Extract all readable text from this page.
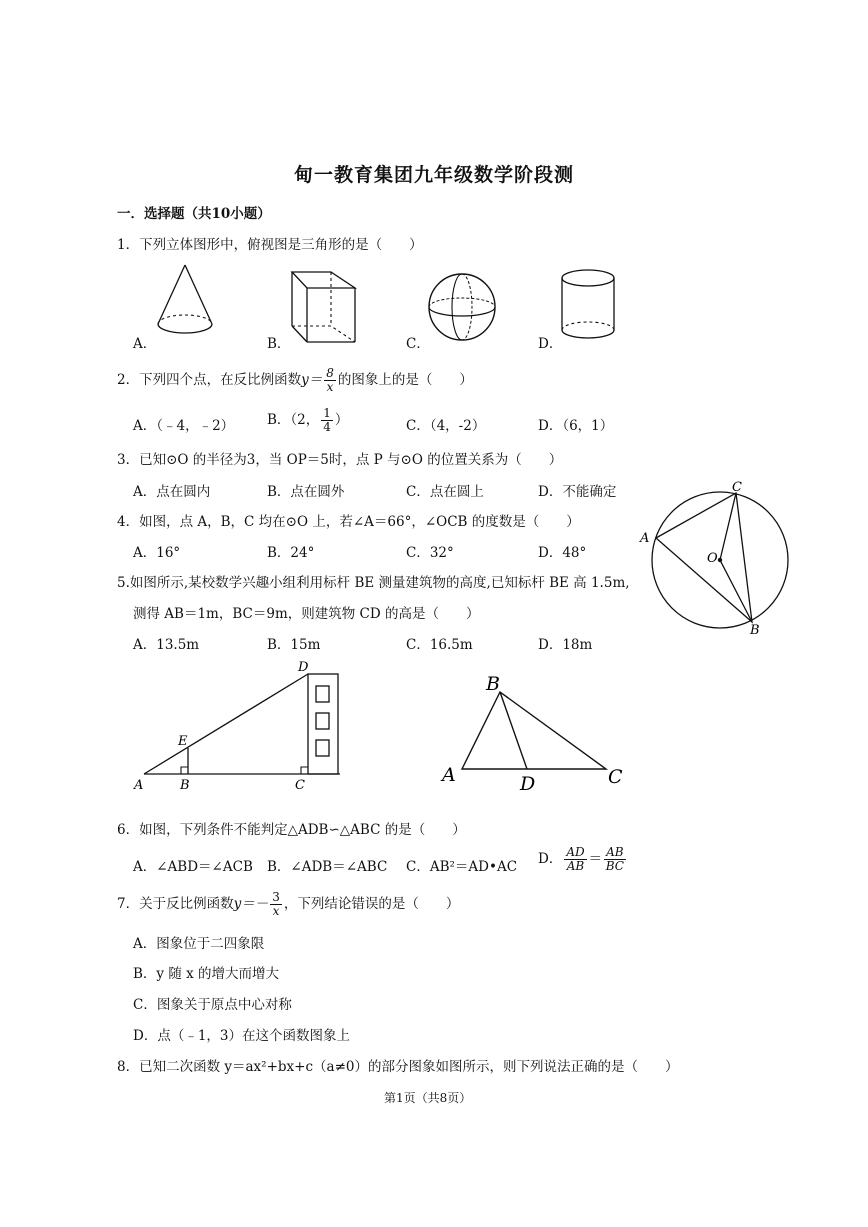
甸一教育集团九年级数学阶段测
一．选择题（共10小题）
1．下列立体图形中，俯视图是三角形的是（　　）
A．	B．	C．	D．
2．下列四个点，在反比例函数$y= \frac{8}{x}$ 的图象上的是（　　）
A．（﹣4，﹣2） B．（2， $\frac{1}{4}$ ）	C．（4，-2）	D．（6，1）
3．已知⊙O 的半径为3，当 OP＝5时，点 P 与⊙O 的位置关系为（　　）
A．点在圆内	B．点在圆外	C．点在圆上	D．不能确定
4．如图，点 A，B，C 均在⊙O 上，若∠A＝66°，∠OCB 的度数是（　　）
A．16°	B．24°	C．32°	D．48°
C
A
O
B
5.如图所示,某校数学兴趣小组利用标杆 BE 测量建筑物的高度,已知标杆 BE 高 1.5m,
测得 AB＝1m，BC＝9m，则建筑物 CD 的高是（　　）
A．13.5m	B．15m	C．16.5m	D．18m
D
E
A	B	C
B
A	D	C
6．如图，下列条件不能判定△ADB∽△ABC 的是（　　）
A．∠ABD＝∠ACB B．∠ADB＝∠ABC C．AB²＝AD•AC D． $\frac{AD}{AB} = \frac{AB}{BC}$
7．关于反比例函数$y=- \frac{3}{x}$ ，下列结论错误的是（　　）
A．图象位于二四象限
B．y 随 x 的增大而增大
C．图象关于原点中心对称
D．点（﹣1，3）在这个函数图象上
8．已知二次函数 y＝ax²+bx+c（a≠0）的部分图象如图所示，则下列说法正确的是（　　）
第1页（共8页）
